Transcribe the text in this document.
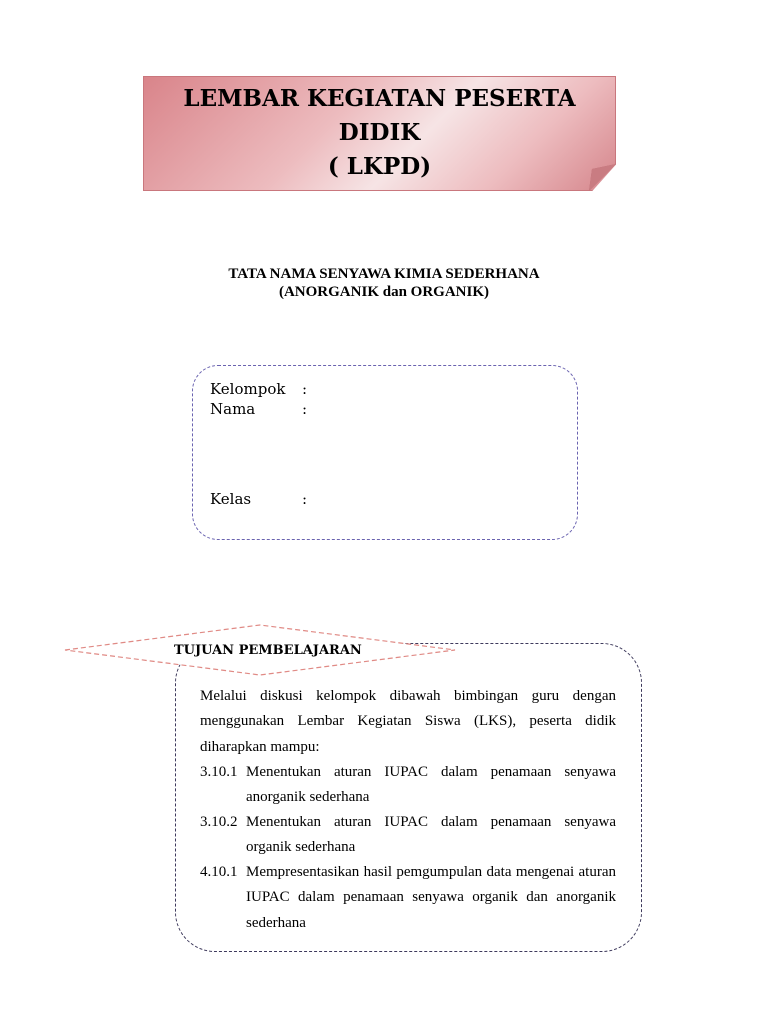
LEMBAR KEGIATAN PESERTA DIDIK
( LKPD)
TATA NAMA SENYAWA KIMIA SEDERHANA
(ANORGANIK dan ORGANIK)
Kelompok :
Nama	:
Kelas	:
TUJUAN PEMBELAJARAN

Melalui diskusi kelompok dibawah bimbingan guru dengan menggunakan Lembar Kegiatan Siswa (LKS), peserta didik diharapkan mampu:

3.10.1 Menentukan aturan IUPAC dalam penamaan senyawa anorganik sederhana
3.10.2 Menentukan aturan IUPAC dalam penamaan senyawa organik sederhana
4.10.1 Mempresentasikan hasil pemgumpulan data mengenai aturan IUPAC dalam penamaan senyawa organik dan anorganik sederhana
